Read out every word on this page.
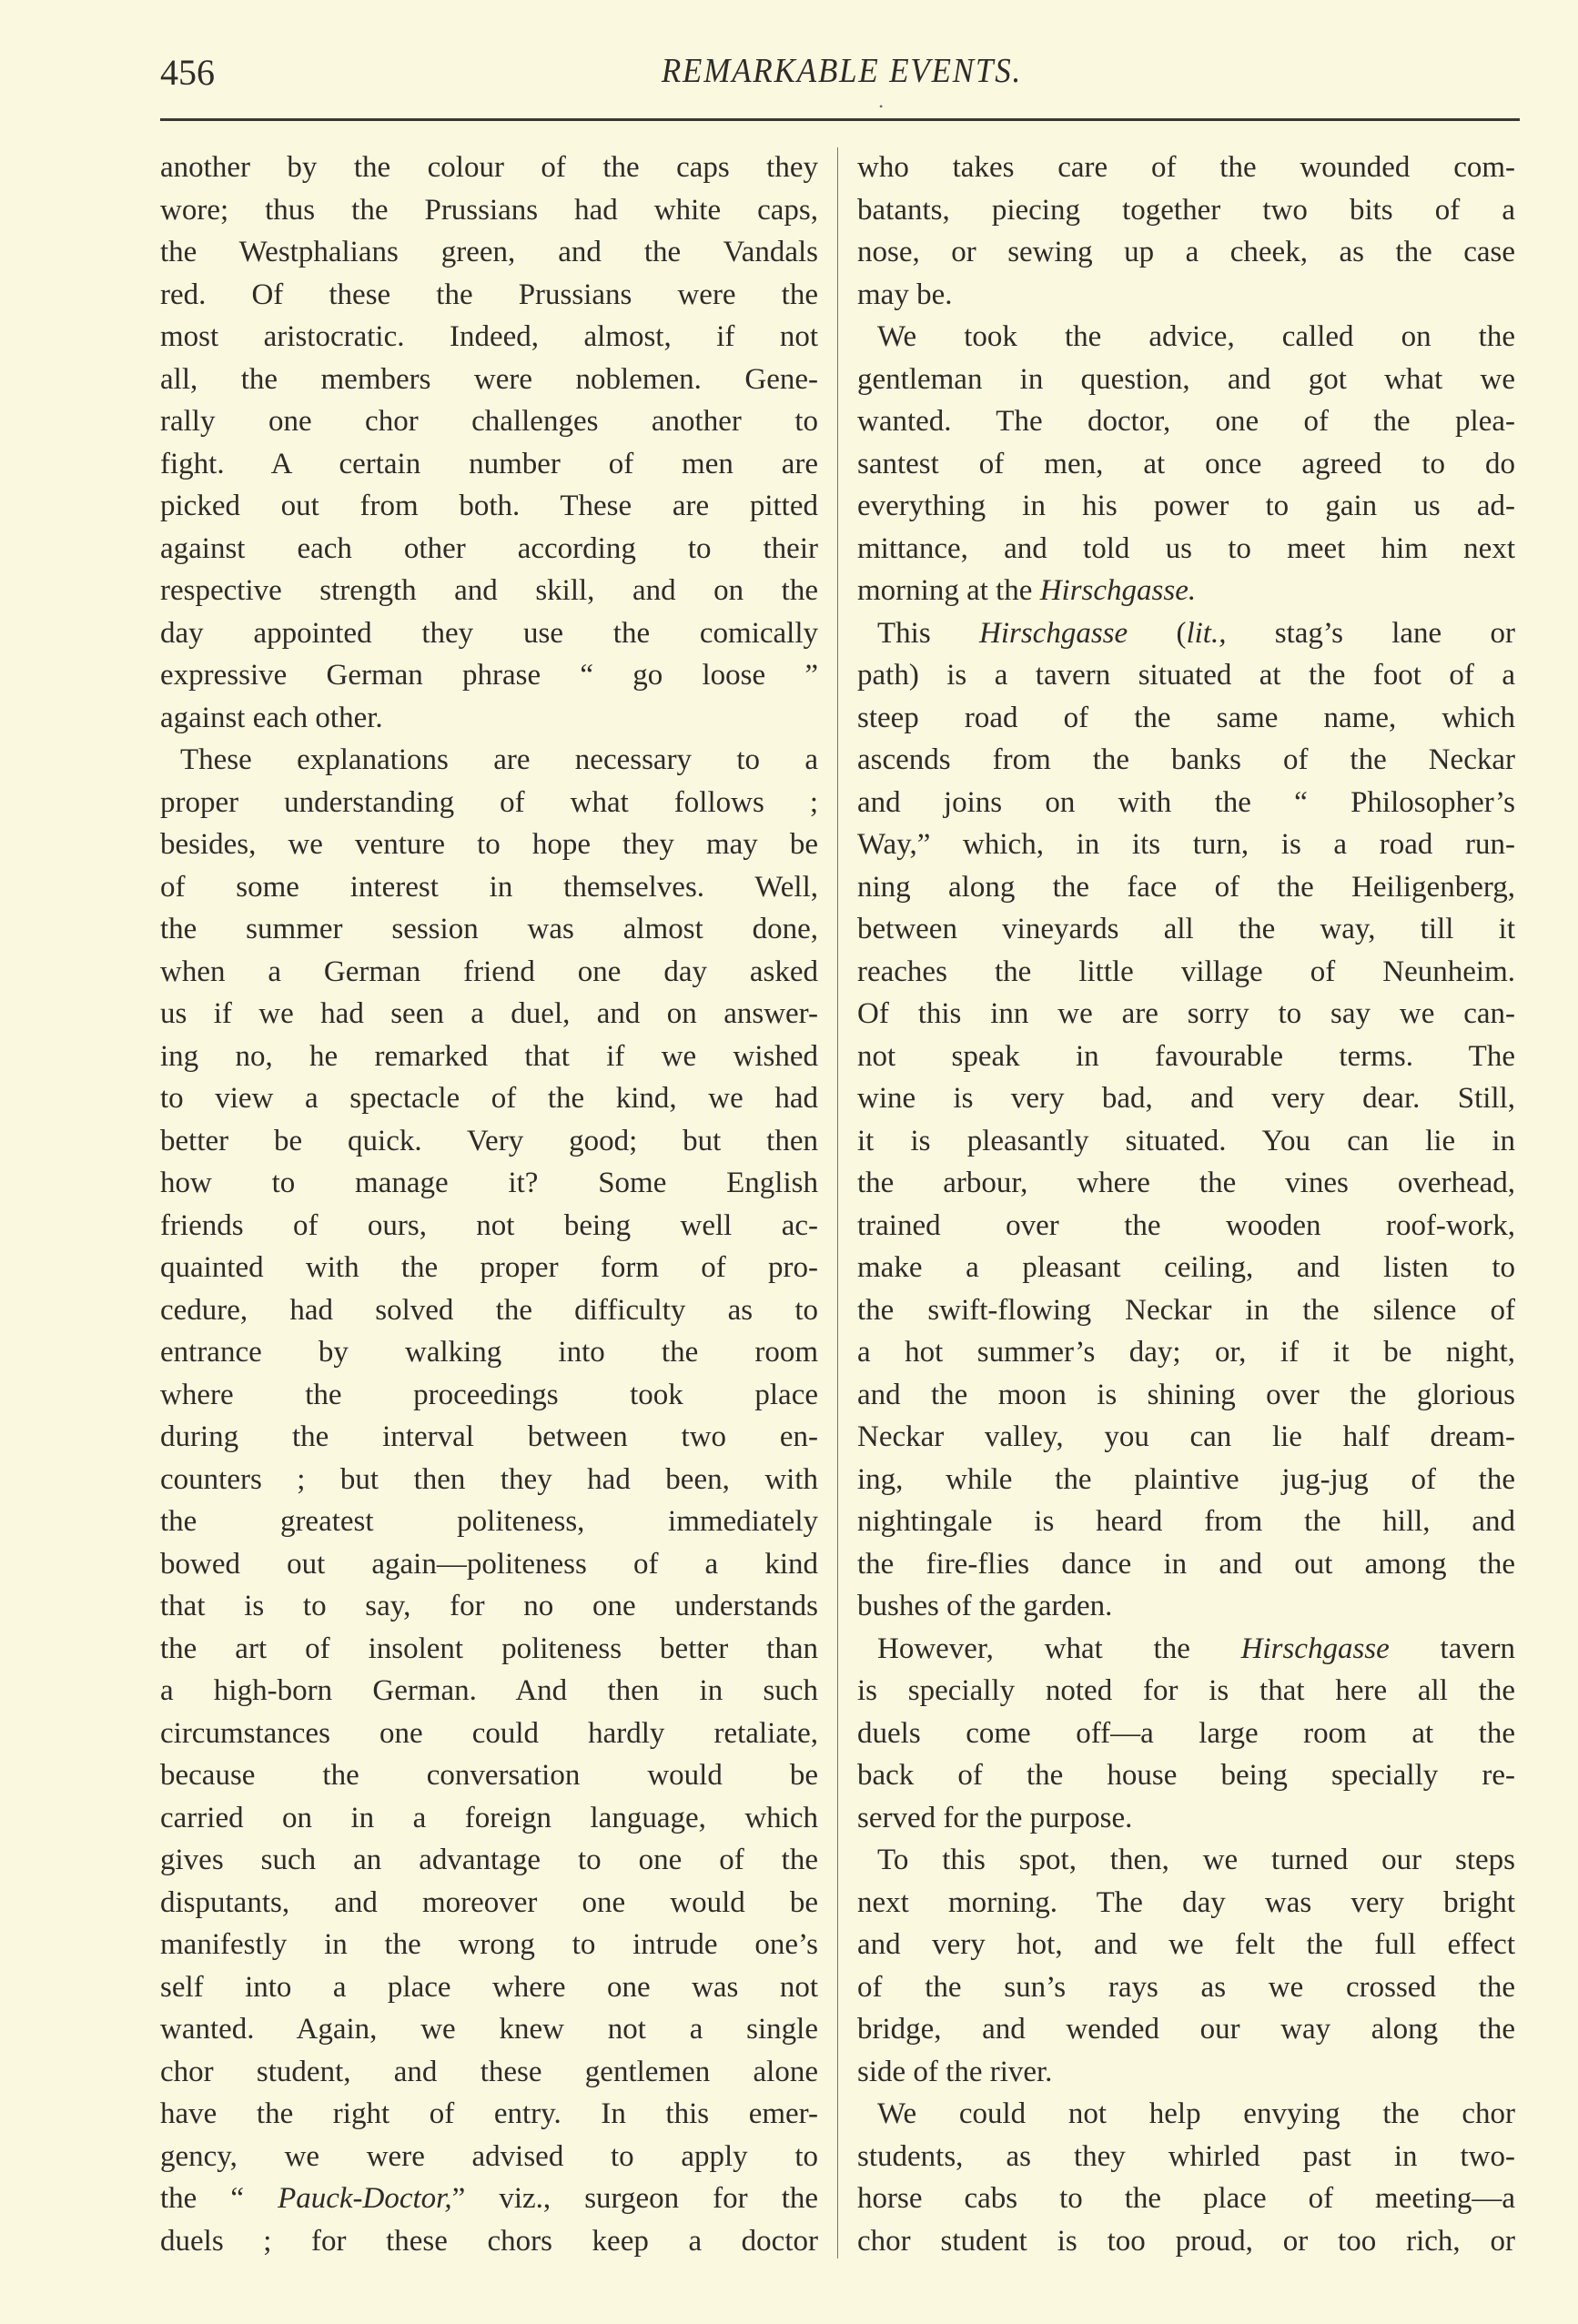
456	REMARKABLE EVENTS.
•
another by the colour of the caps they
wore; thus the Prussians had white caps,
the Westphalians green, and the Vandals
red. Of these the Prussians were the
most aristocratic. Indeed, almost, if not
all, the members were noblemen. Gene-
rally one chor challenges another to
fight. A certain number of men are
picked out from both. These are pitted
against each other according to their
respective strength and skill, and on the
day appointed they use the comically
expressive German phrase “ go loose ”
against each other.
These explanations are necessary to a
proper understanding of what follows ;
besides, we venture to hope they may be
of some interest in themselves. Well,
the summer session was almost done,
when a German friend one day asked
us if we had seen a duel, and on answer-
ing no, he remarked that if we wished
to view a spectacle of the kind, we had
better be quick. Very good; but then
how to manage it? Some English
friends of ours, not being well ac-
quainted with the proper form of pro-
cedure, had solved the difficulty as to
entrance by walking into the room
where the proceedings took place
during the interval between two en-
counters ; but then they had been, with
the greatest politeness, immediately
bowed out again—politeness of a kind
that is to say, for no one understands
the art of insolent politeness better than
a high-born German. And then in such
circumstances one could hardly retaliate,
because the conversation would be
carried on in a foreign language, which
gives such an advantage to one of the
disputants, and moreover one would be
manifestly in the wrong to intrude one’s
self into a place where one was not
wanted. Again, we knew not a single
chor student, and these gentlemen alone
have the right of entry. In this emer-
gency, we were advised to apply to
the “ Pauck-Doctor,” viz., surgeon for the
duels ; for these chors keep a doctor
who takes care of the wounded com-
batants, piecing together two bits of a
nose, or sewing up a cheek, as the case
may be.
We took the advice, called on the
gentleman in question, and got what we
wanted. The doctor, one of the plea-
santest of men, at once agreed to do
everything in his power to gain us ad-
mittance, and told us to meet him next
morning at the Hirschgasse.
This Hirschgasse (lit., stag’s lane or
path) is a tavern situated at the foot of a
steep road of the same name, which
ascends from the banks of the Neckar
and joins on with the “ Philosopher’s
Way,” which, in its turn, is a road run-
ning along the face of the Heiligenberg,
between vineyards all the way, till it
reaches the little village of Neunheim.
Of this inn we are sorry to say we can-
not speak in favourable terms. The
wine is very bad, and very dear. Still,
it is pleasantly situated. You can lie in
the arbour, where the vines overhead,
trained over the wooden roof-work,
make a pleasant ceiling, and listen to
the swift-flowing Neckar in the silence of
a hot summer’s day; or, if it be night,
and the moon is shining over the glorious
Neckar valley, you can lie half dream-
ing, while the plaintive jug-jug of the
nightingale is heard from the hill, and
the fire-flies dance in and out among the
bushes of the garden.
However, what the Hirschgasse tavern
is specially noted for is that here all the
duels come off—a large room at the
back of the house being specially re-
served for the purpose.
To this spot, then, we turned our steps
next morning. The day was very bright
and very hot, and we felt the full effect
of the sun’s rays as we crossed the
bridge, and wended our way along the
side of the river.
We could not help envying the chor
students, as they whirled past in two-
horse cabs to the place of meeting—a
chor student is too proud, or too rich, or
